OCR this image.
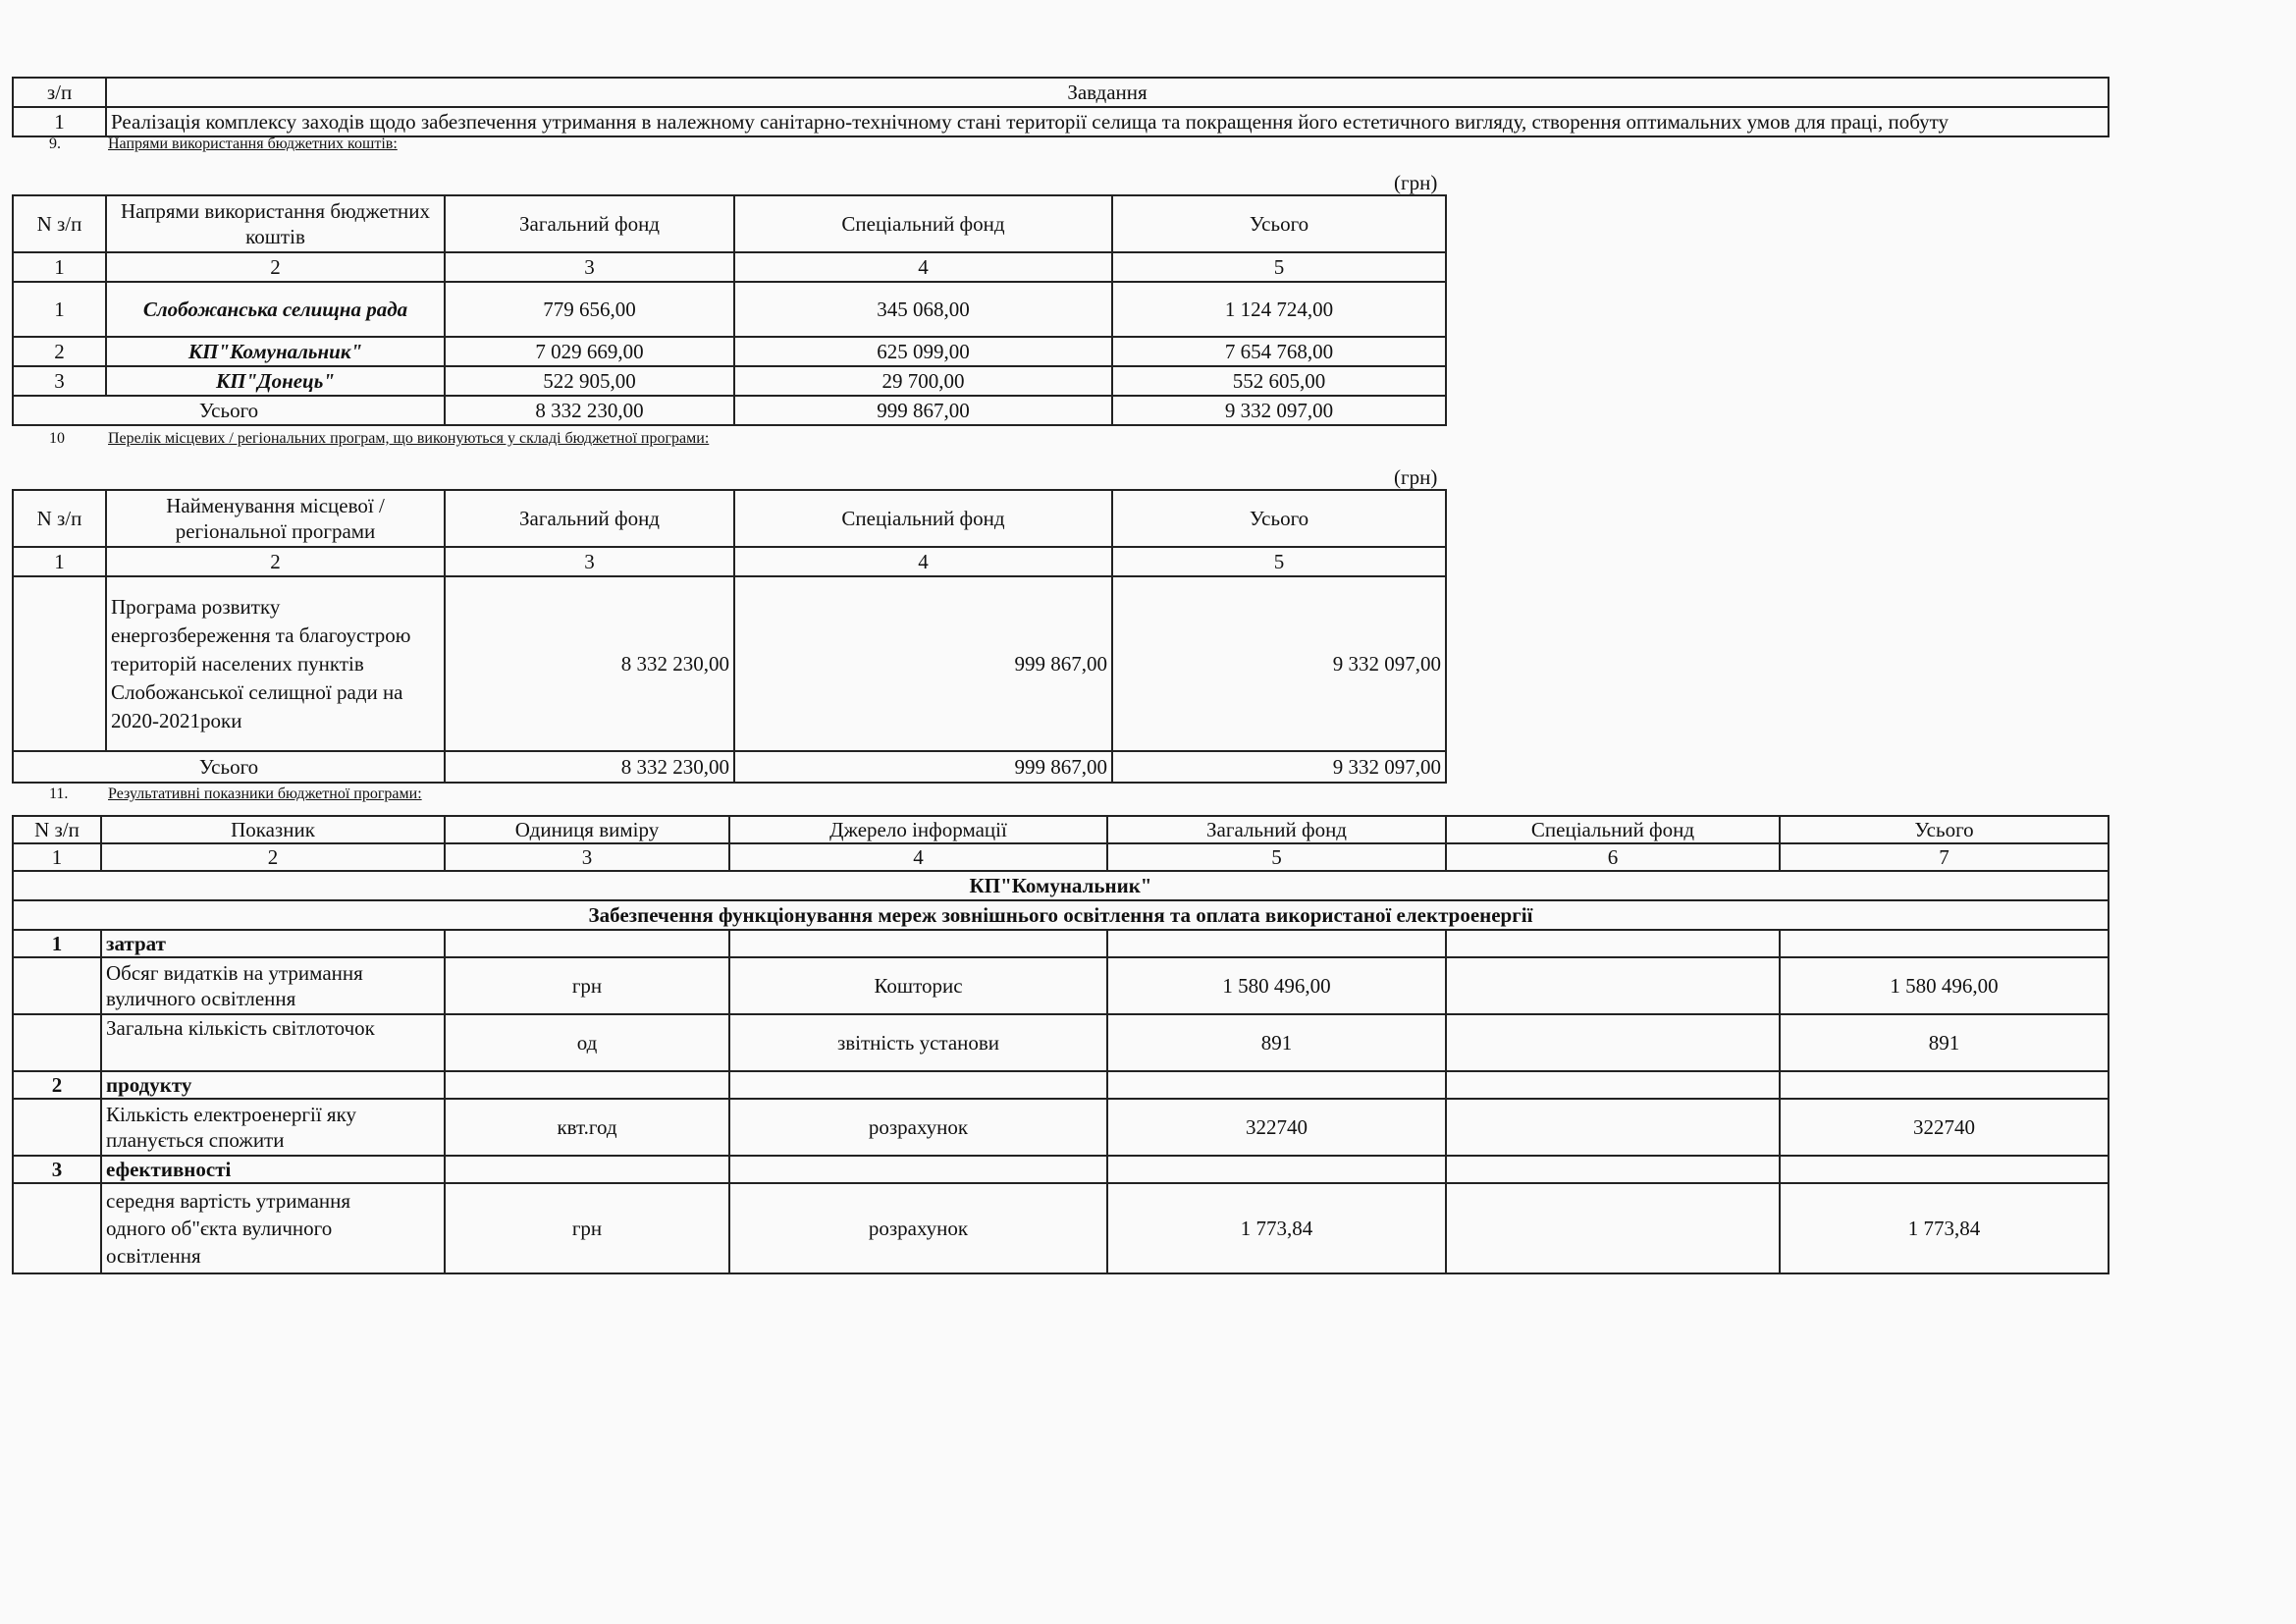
з/п	Завдання
1	Реалізація комплексу заходів щодо забезпечення утримання в належному санітарно-технічному стані території селища та покращення його естетичного вигляду, створення оптимальних умов для праці, побуту
9.	Напрями використання бюджетних коштів:
(грн)
N з/п	Напрями використання бюджетних коштів	Загальний фонд	Спеціальний фонд	Усього
1	2	3	4	5
1	Слобожанська селищна рада	779 656,00	345 068,00	1 124 724,00
2	КП"Комунальник"	7 029 669,00	625 099,00	7 654 768,00
3	КП"Донець"	522 905,00	29 700,00	552 605,00
Усього		8 332 230,00	999 867,00	9 332 097,00
10	Перелік місцевих / регіональних програм, що виконуються у складі бюджетної програми:
(грн)
N з/п	Найменування місцевої / регіональної програми	Загальний фонд	Спеціальний фонд	Усього
1	2	3	4	5

	Програма розвитку
енергозбереження та благоустрою
територій населених пунктів
Слобожанської селищної ради на
2020-2021роки	8 332 230,00	999 867,00	9 332 097,00
Усього		8 332 230,00	999 867,00	9 332 097,00
11.	Результативні показники бюджетної програми:
N з/п	Показник	Одиниця виміру	Джерело інформації	Загальний фонд	Спеціальний фонд	Усього
1	2	3	4	5	6	7
КП"Комунальник"						
Забезпечення функціонування мереж зовнішнього освітлення та оплата використаної електроенергії						
1	затрат					

	Обсяг видатків на утримання
вуличного освітлення	грн	Кошторис	1 580 496,00		1 580 496,00

	Загальна кількість світлоточок	од	звітність установи	891		891
2	продукту					

	Кількість електроенергії яку
планується спожити	квт.год	розрахунок	322740		322740
3	ефективності					

	середня вартість утримання
одного об"єкта вуличного
освітлення	грн	розрахунок	1 773,84		1 773,84
